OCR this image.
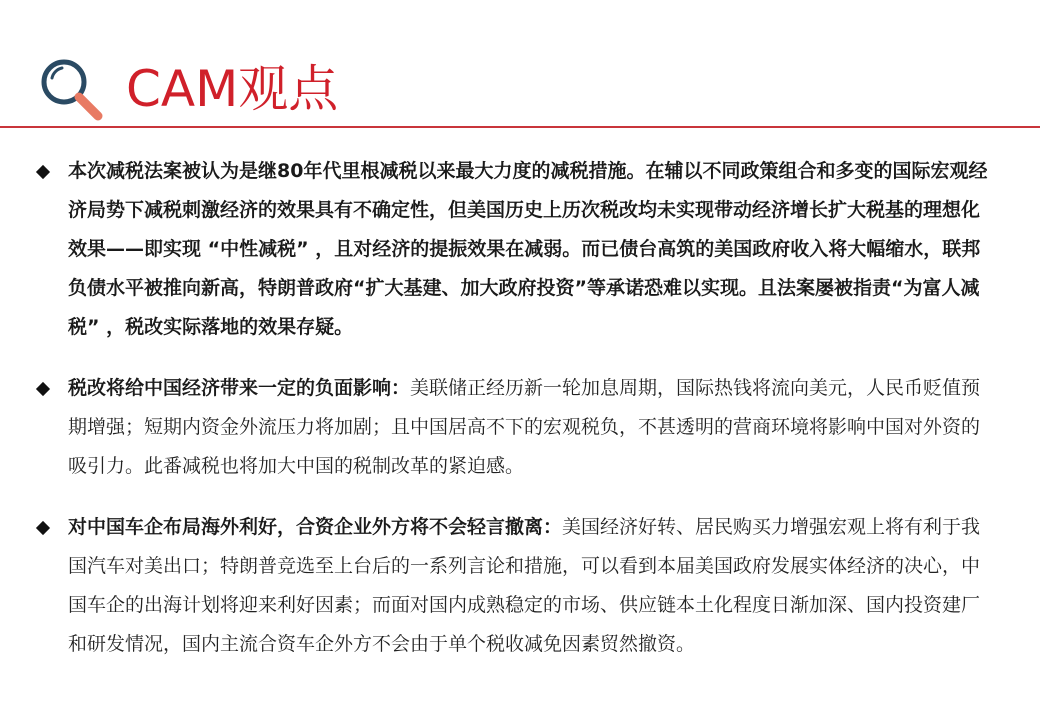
CAM观点
本次减税法案被认为是继80年代里根减税以来最大力度的减税措施。在辅以不同政策组合和多变的国际宏观经济局势下减税刺激经济的效果具有不确定性，但美国历史上历次税改均未实现带动经济增长扩大税基的理想化效果——即实现 “中性减税” ，且对经济的提振效果在减弱。而已债台高筑的美国政府收入将大幅缩水，联邦负债水平被推向新高，特朗普政府“扩大基建、加大政府投资”等承诺恐难以实现。且法案屡被指责“为富人减税” ，税改实际落地的效果存疑。
税改将给中国经济带来一定的负面影响：美联储正经历新一轮加息周期，国际热钱将流向美元，人民币贬值预期增强；短期内资金外流压力将加剧；且中国居高不下的宏观税负，不甚透明的营商环境将影响中国对外资的吸引力。此番减税也将加大中国的税制改革的紧迫感。
对中国车企布局海外利好，合资企业外方将不会轻言撤离：美国经济好转、居民购买力增强宏观上将有利于我国汽车对美出口；特朗普竞选至上台后的一系列言论和措施，可以看到本届美国政府发展实体经济的决心，中国车企的出海计划将迎来利好因素；而面对国内成熟稳定的市场、供应链本土化程度日渐加深、国内投资建厂和研发情况，国内主流合资车企外方不会由于单个税收减免因素贸然撤资。
